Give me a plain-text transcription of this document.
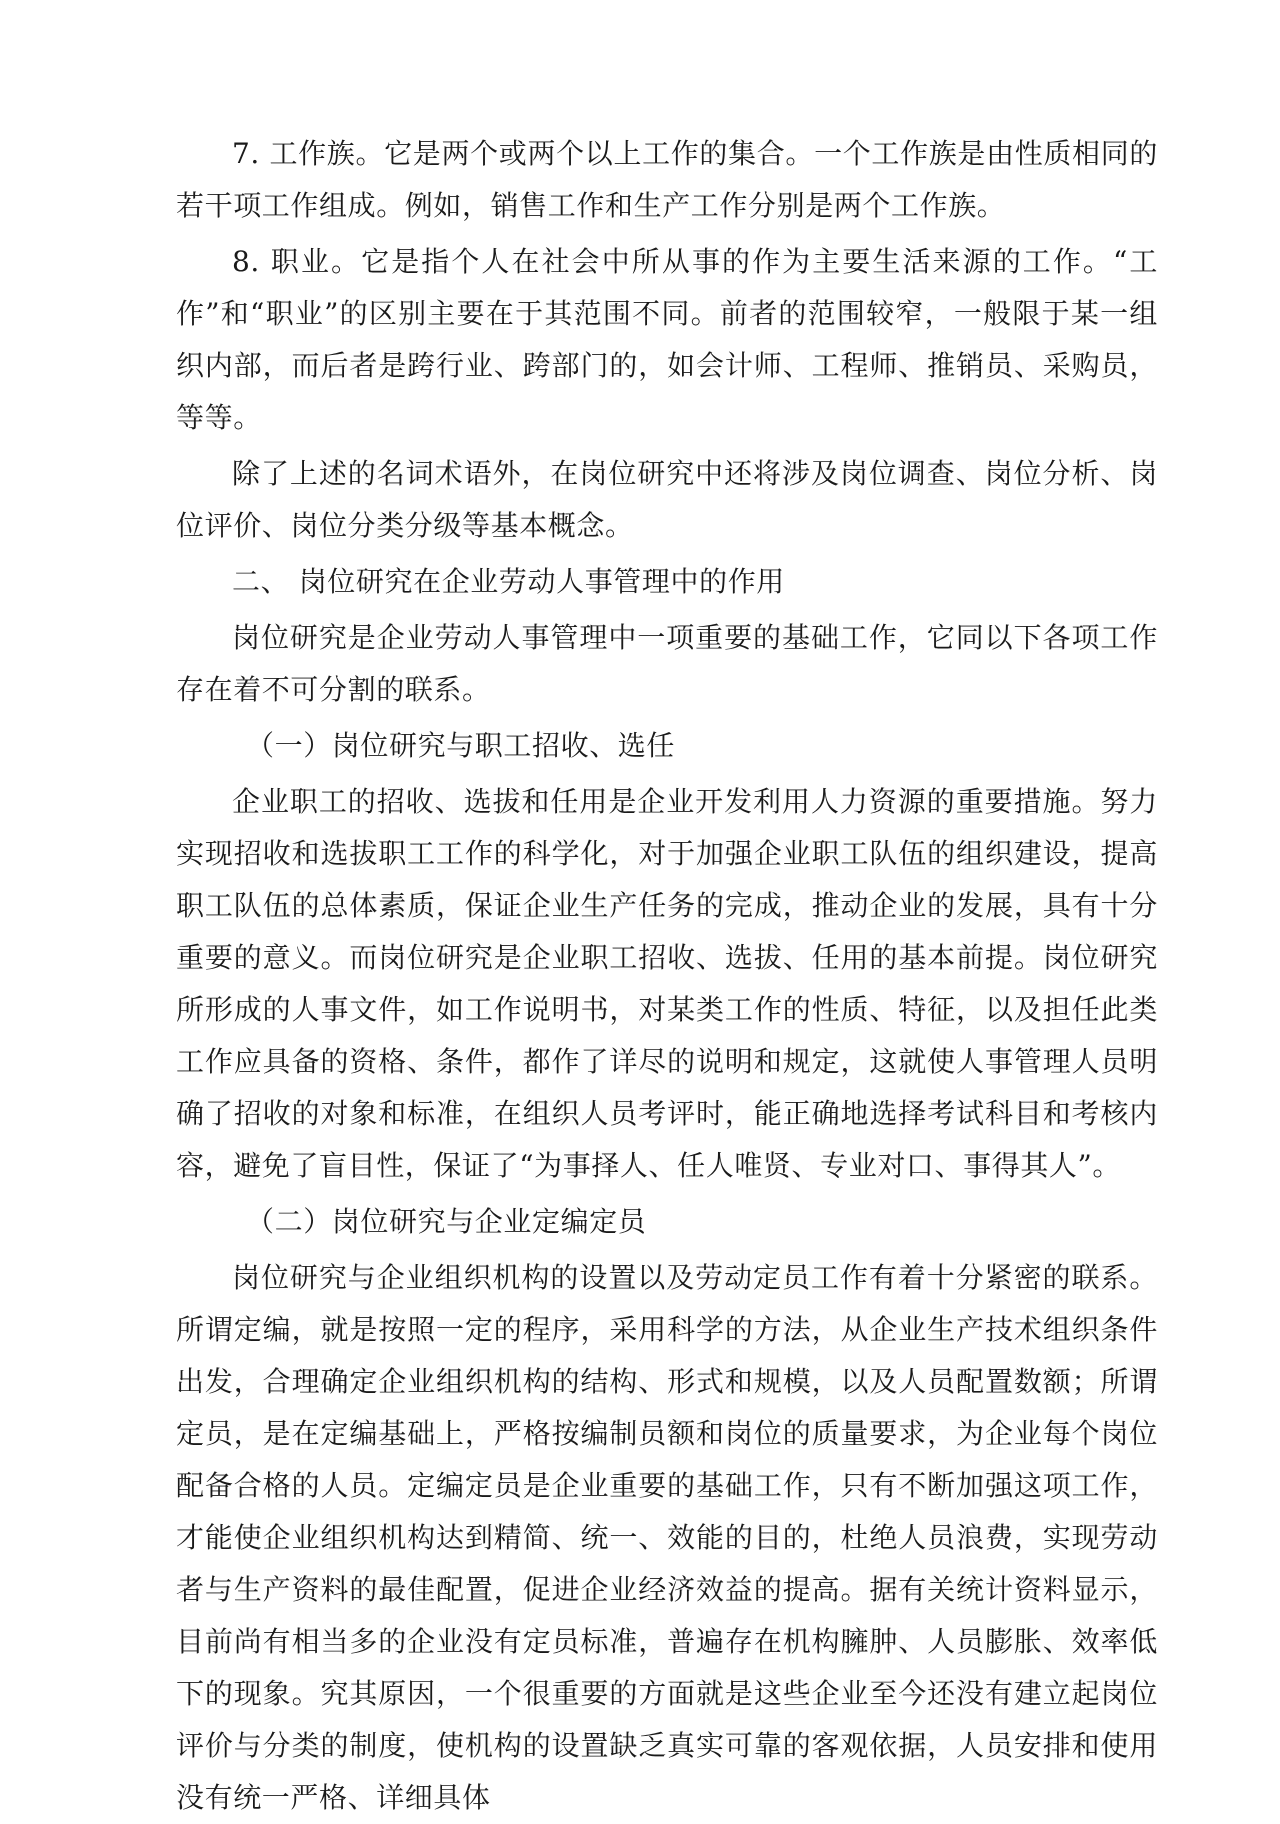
7. 工作族。它是两个或两个以上工作的集合。一个工作族是由性质相同的若干项工作组成。例如，销售工作和生产工作分别是两个工作族。

8. 职业。它是指个人在社会中所从事的作为主要生活来源的工作。“工作”和“职业”的区别主要在于其范围不同。前者的范围较窄，一般限于某一组织内部，而后者是跨行业、跨部门的，如会计师、工程师、推销员、采购员，等等。

除了上述的名词术语外，在岗位研究中还将涉及岗位调查、岗位分析、岗位评价、岗位分类分级等基本概念。

二、 岗位研究在企业劳动人事管理中的作用

岗位研究是企业劳动人事管理中一项重要的基础工作，它同以下各项工作存在着不可分割的联系。

（一）岗位研究与职工招收、选任

企业职工的招收、选拔和任用是企业开发利用人力资源的重要措施。努力实现招收和选拔职工工作的科学化，对于加强企业职工队伍的组织建设，提高职工队伍的总体素质，保证企业生产任务的完成，推动企业的发展，具有十分重要的意义。而岗位研究是企业职工招收、选拔、任用的基本前提。岗位研究所形成的人事文件，如工作说明书，对某类工作的性质、特征，以及担任此类工作应具备的资格、条件，都作了详尽的说明和规定，这就使人事管理人员明确了招收的对象和标准，在组织人员考评时，能正确地选择考试科目和考核内容，避免了盲目性，保证了“为事择人、任人唯贤、专业对口、事得其人”。

（二）岗位研究与企业定编定员

岗位研究与企业组织机构的设置以及劳动定员工作有着十分紧密的联系。所谓定编，就是按照一定的程序，采用科学的方法，从企业生产技术组织条件出发，合理确定企业组织机构的结构、形式和规模，以及人员配置数额；所谓定员，是在定编基础上，严格按编制员额和岗位的质量要求，为企业每个岗位配备合格的人员。定编定员是企业重要的基础工作，只有不断加强这项工作，才能使企业组织机构达到精简、统一、效能的目的，杜绝人员浪费，实现劳动者与生产资料的最佳配置，促进企业经济效益的提高。据有关统计资料显示，目前尚有相当多的企业没有定员标准，普遍存在机构臃肿、人员膨胀、效率低下的现象。究其原因，一个很重要的方面就是这些企业至今还没有建立起岗位评价与分类的制度，使机构的设置缺乏真实可靠的客观依据，人员安排和使用没有统一严格、详细具体
